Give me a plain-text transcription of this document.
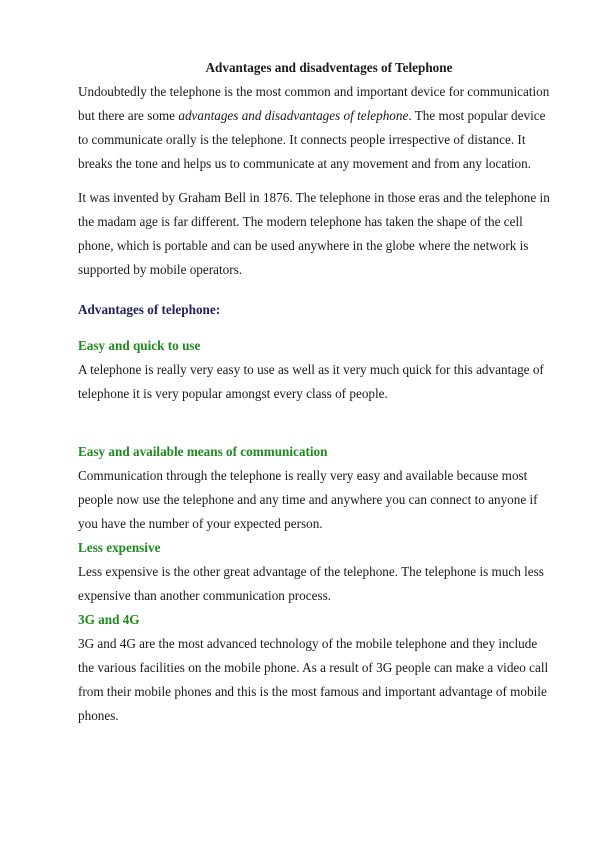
Advantages and disadventages of Telephone

Undoubtedly the telephone is the most common and important device for communication but there are some advantages and disadvantages of telephone. The most popular device to communicate orally is the telephone. It connects people irrespective of distance. It breaks the tone and helps us to communicate at any movement and from any location.

It was invented by Graham Bell in 1876. The telephone in those eras and the telephone in the madam age is far different. The modern telephone has taken the shape of the cell phone, which is portable and can be used anywhere in the globe where the network is supported by mobile operators.

Advantages of telephone:
Easy and quick to use

A telephone is really very easy to use as well as it very much quick for this advantage of telephone it is very popular amongst every class of people.

Easy and available means of communication

Communication through the telephone is really very easy and available because most people now use the telephone and any time and anywhere you can connect to anyone if you have the number of your expected person.

Less expensive

Less expensive is the other great advantage of the telephone. The telephone is much less expensive than another communication process.

3G and 4G

3G and 4G are the most advanced technology of the mobile telephone and they include the various facilities on the mobile phone. As a result of 3G people can make a video call from their mobile phones and this is the most famous and important advantage of mobile phones.
